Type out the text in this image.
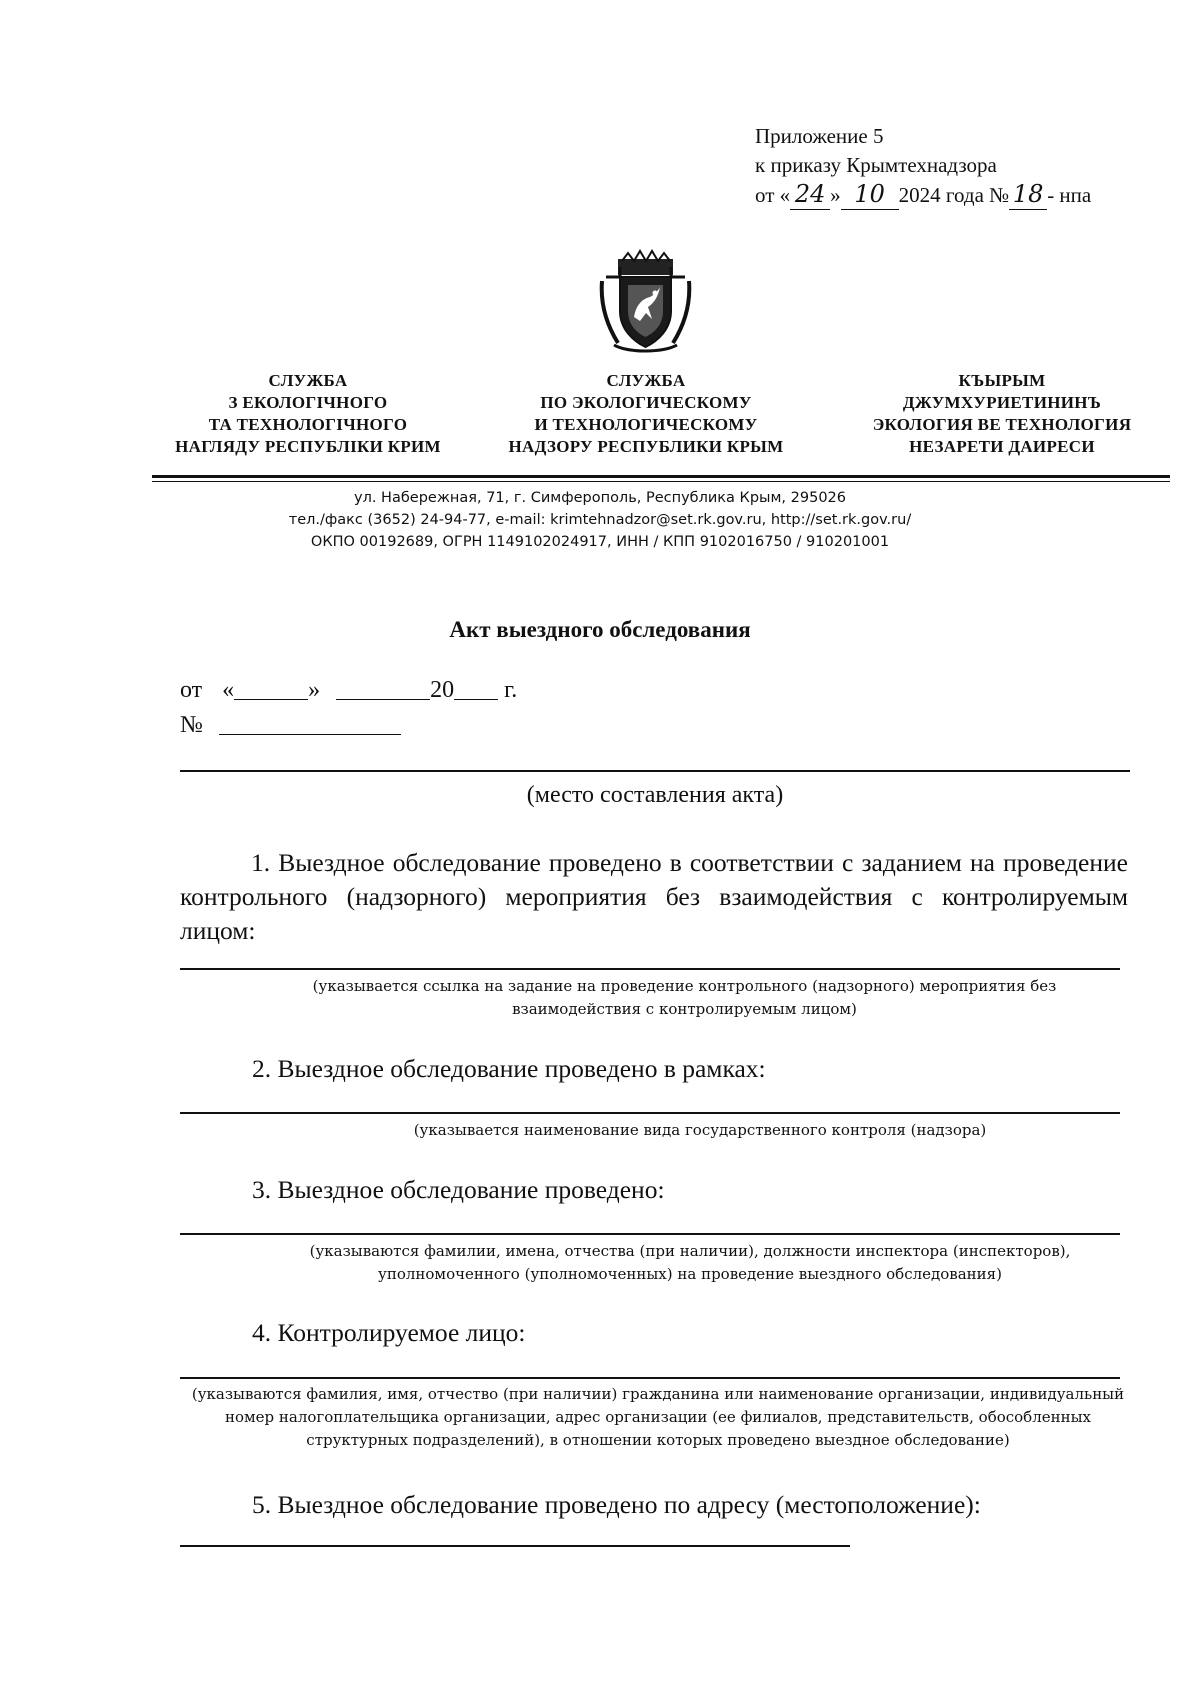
Приложение 5
к приказу Крымтехнадзора
от « 24 » 10 2024 года № 18 - нпа
СЛУЖБА
З ЕКОЛОГІЧНОГО
ТА ТЕХНОЛОГІЧНОГО
НАГЛЯДУ РЕСПУБЛІКИ КРИМ
СЛУЖБА
ПО ЭКОЛОГИЧЕСКОМУ
И ТЕХНОЛОГИЧЕСКОМУ
НАДЗОРУ РЕСПУБЛИКИ КРЫМ
КЪЫРЫМ
ДЖУМХУРИЕТИНИНЪ
ЭКОЛОГИЯ ВЕ ТЕХНОЛОГИЯ
НЕЗАРЕТИ ДАИРЕСИ
ул. Набережная, 71, г. Симферополь, Республика Крым, 295026
тел./факс (3652) 24-94-77, e-mail: krimtehnadzor@set.rk.gov.ru, http://set.rk.gov.ru/
ОКПО 00192689, ОГРН 1149102024917, ИНН / КПП 9102016750 / 910201001
Акт выездного обследования
от «	»	20 г.
№
(место составления акта)
1. Выездное обследование проведено в соответствии с заданием на проведение контрольного (надзорного) мероприятия без взаимодействия с контролируемым лицом:
(указывается ссылка на задание на проведение контрольного (надзорного) мероприятия без взаимодействия с контролируемым лицом)
2. Выездное обследование проведено в рамках:
(указывается наименование вида государственного контроля (надзора)
3. Выездное обследование проведено:
(указываются фамилии, имена, отчества (при наличии), должности инспектора (инспекторов),
уполномоченного (уполномоченных) на проведение выездного обследования)
4. Контролируемое лицо:
(указываются фамилия, имя, отчество (при наличии) гражданина или наименование организации, индивидуальный номер налогоплательщика организации, адрес организации (ее филиалов, представительств, обособленных структурных подразделений), в отношении которых проведено выездное обследование)
5. Выездное обследование проведено по адресу (местоположение):
